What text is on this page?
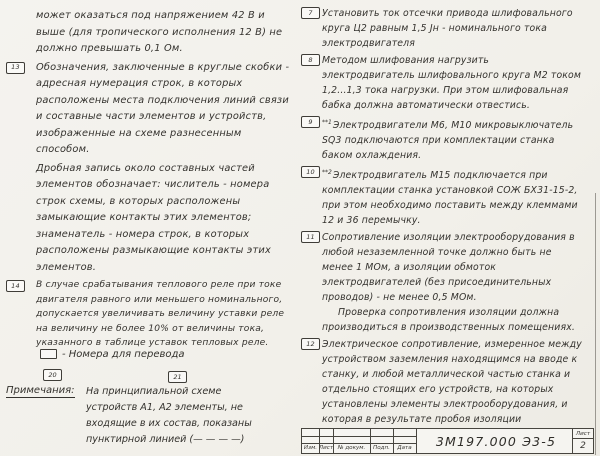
может оказаться под напряжением 42 В и выше (для тропического исполнения 12 В) не должно превышать 0,1 Ом.
13	Обозначения, заключенные в круглые скобки - адресная нумерация строк, в которых расположены места подключения линий связи и составные части элементов и устройств, изображенные на схеме разнесенным способом.
Дробная запись около составных частей элементов обозначает: числитель - номера строк схемы, в которых расположены замыкающие контакты этих элементов; знаменатель - номера строк, в которых расположены размыкающие контакты этих элементов.
14	В случае срабатывания теплового реле при токе двигателя равного или меньшего номинального, допускается увеличивать величину уставки реле на величину не более 10% от величины тока, указанного в таблице уставок тепловых реле.
- Номера для перевода
20	21
Примечания: На принципиальной схеме устройств А1, А2 элементы, не входящие в их состав, показаны пунктирной линией (— — — —)
7	Установить ток отсечки привода шлифовального круга Ц2 равным 1,5 Jн - номинального тока электродвигателя
8	Методом шлифования нагрузить электродвигатель шлифовального круга М2 током 1,2...1,3 тока нагрузки. При этом шлифовальная бабка должна автоматически отвестись.
9	$^{**1}$Электродвигатели М6, М10 микровыключатель SQ3 подключаются при комплектации станка баком охлаждения.
10	$^{**2}$Электродвигатель М15 подключается при комплектации станка установкой СОЖ БХ31-15-2, при этом необходимо поставить между клеммами 12 и 36 перемычку.
11 Сопротивление изоляции электрооборудования в любой незаземленной точке должно быть не менее 1 МОм, а изоляции обмоток электродвигателей (без присоединительных проводов) - не менее 0,5 МОм.
Проверка сопротивления изоляции должна производиться в производственных помещениях.
12 Электрическое сопротивление, измеренное между устройством заземления находящимся на вводе к станку, и любой металлической частью станка и отдельно стоящих его устройств, на которых установлены элементы электрооборудования, и которая в результате пробоя изоляции
Изм. Лист № докум.	Подп.	Дата	3М197.000 Э3-5	Лист
2
